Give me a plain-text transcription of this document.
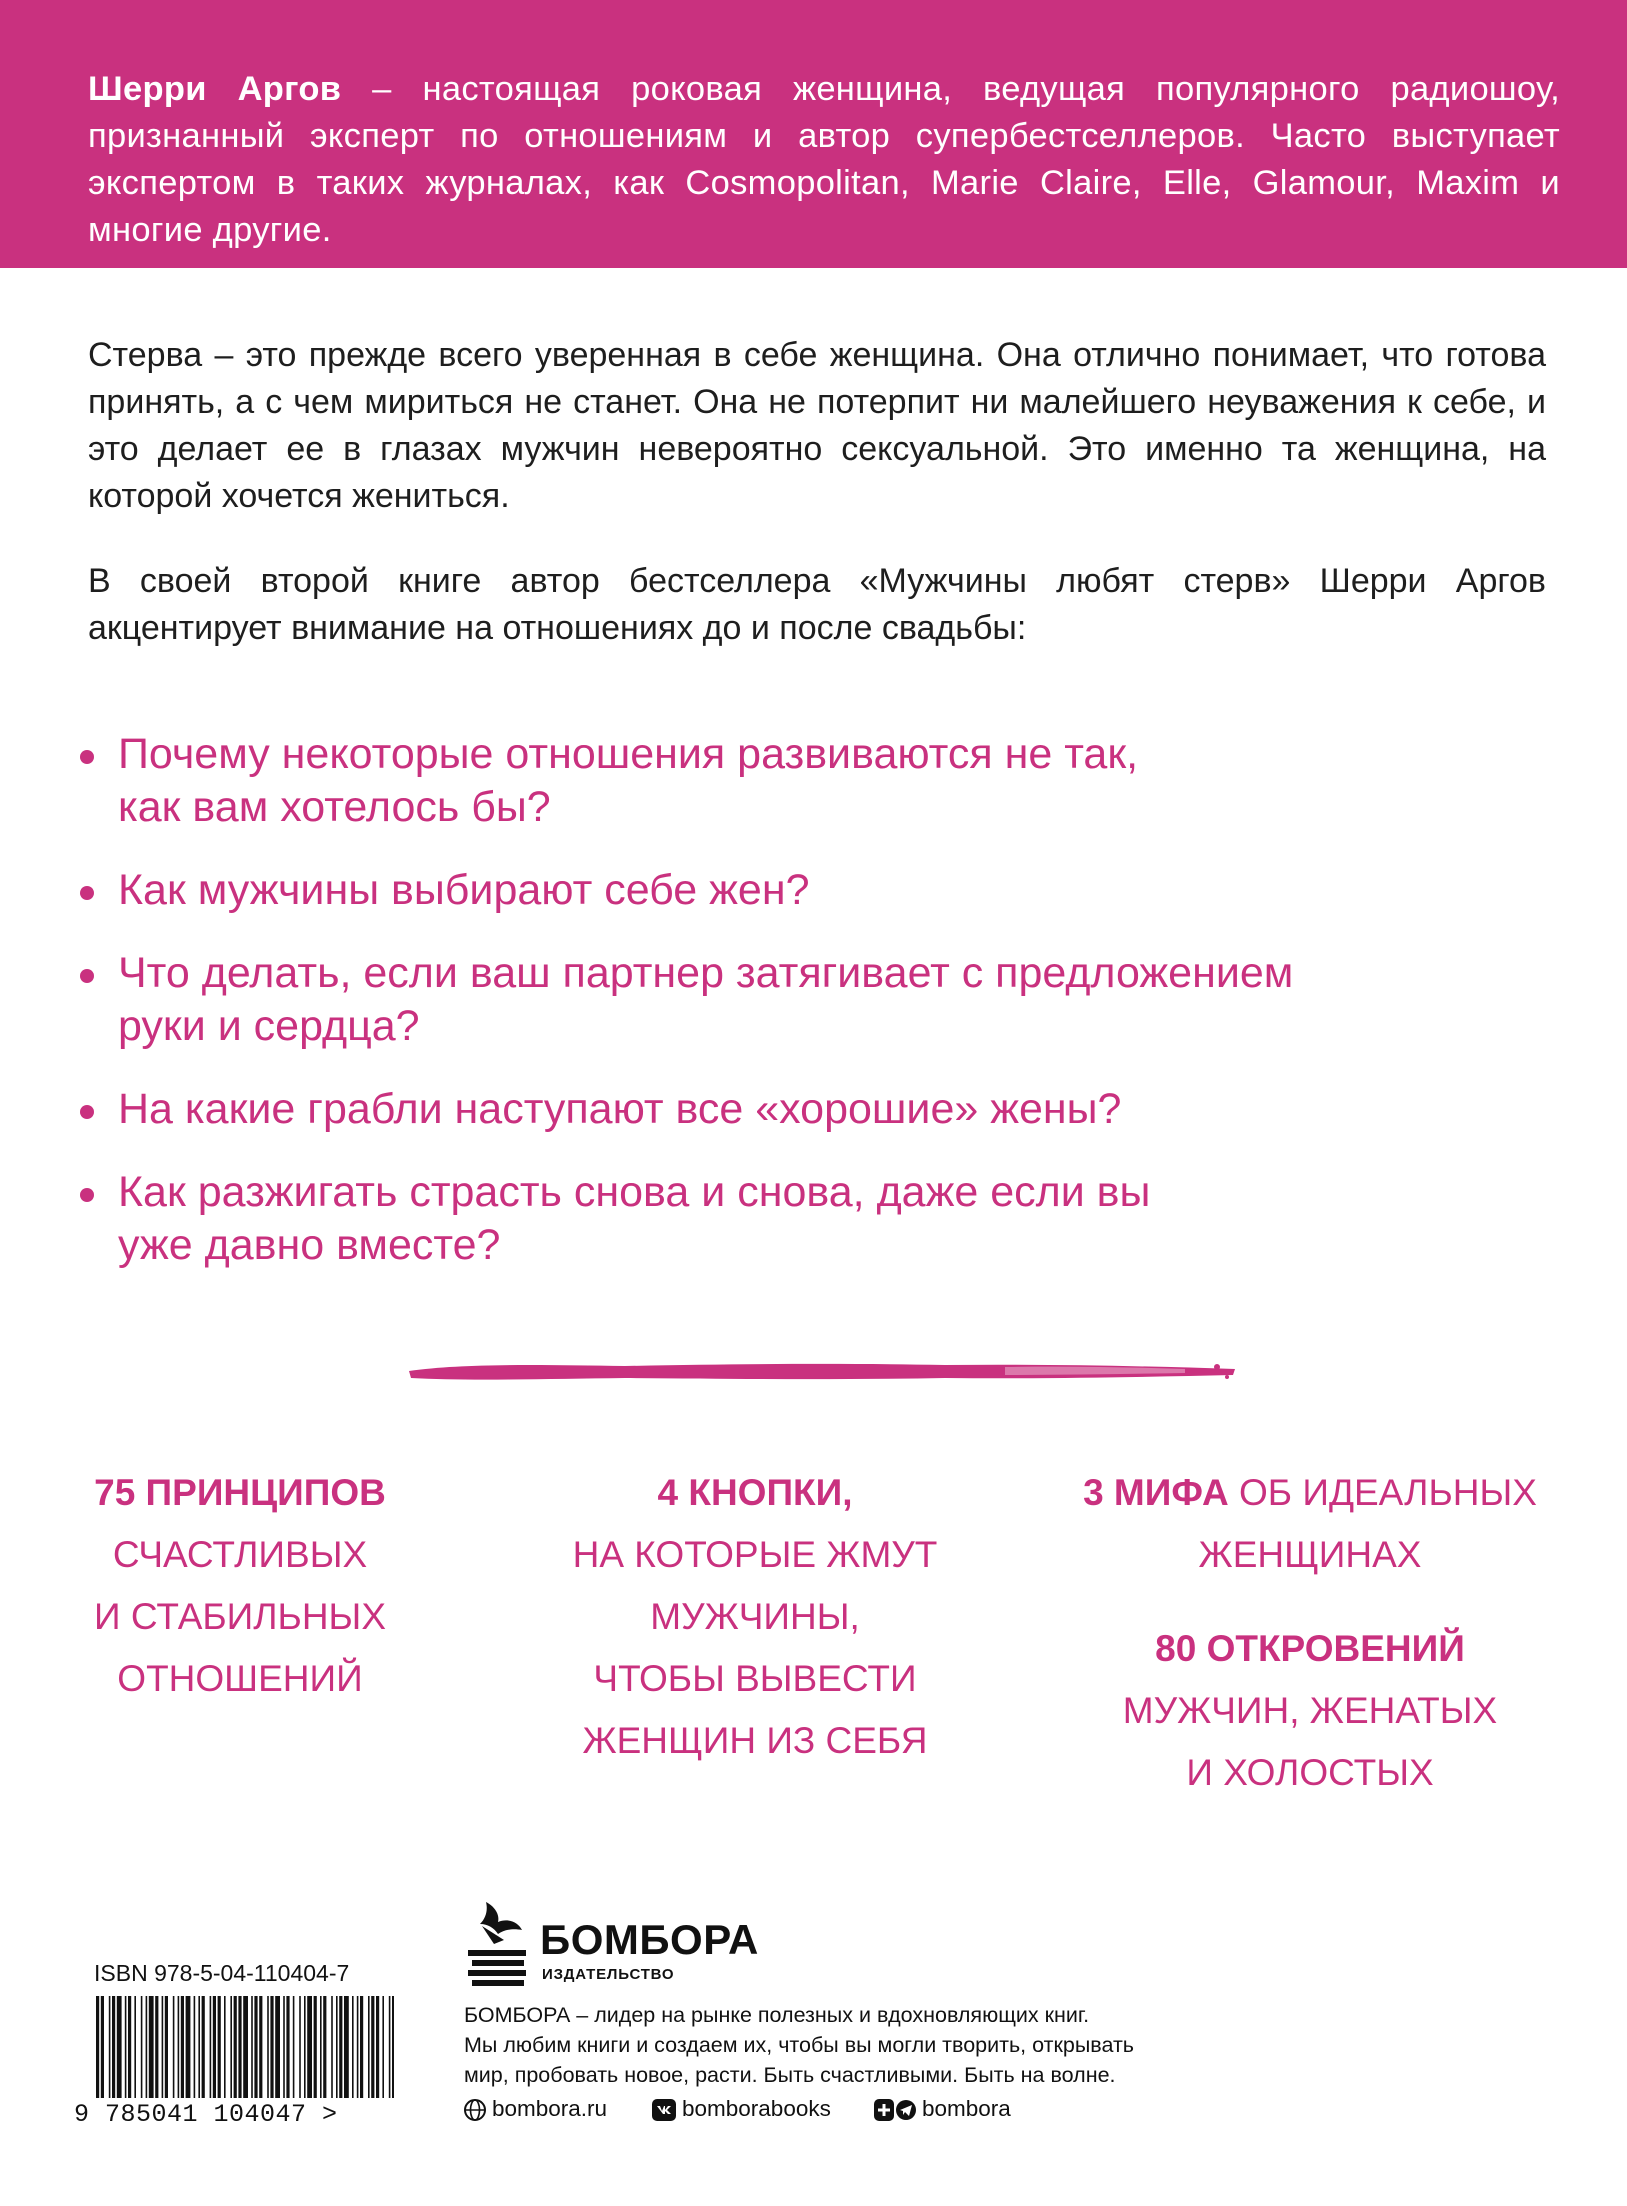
Шерри Аргов – настоящая роковая женщина, ведущая популярного радиошоу, признанный эксперт по отношениям и автор супербестселлеров. Часто выступает экспертом в таких журналах, как Cosmopolitan, Marie Claire, Elle, Glamour, Maxim и многие другие.

Стерва – это прежде всего уверенная в себе женщина. Она отлично понимает, что готова принять, а с чем мириться не станет. Она не потерпит ни малейшего неуважения к себе, и это делает ее в глазах мужчин невероятно сексуальной. Это именно та женщина, на которой хочется жениться.

В своей второй книге автор бестселлера «Мужчины любят стерв» Шерри Аргов акцентирует внимание на отношениях до и после свадьбы:

Почему некоторые отношения развиваются не так,
как вам хотелось бы?
Как мужчины выбирают себе жен?
Что делать, если ваш партнер затягивает с предложением
руки и сердца?
На какие грабли наступают все «хорошие» жены?
Как разжигать страсть снова и снова, даже если вы
уже давно вместе?
75 ПРИНЦИПОВ
СЧАСТЛИВЫХ
И СТАБИЛЬНЫХ
ОТНОШЕНИЙ
4 КНОПКИ,
НА КОТОРЫЕ ЖМУТ
МУЖЧИНЫ,
ЧТОБЫ ВЫВЕСТИ
ЖЕНЩИН ИЗ СЕБЯ
3 МИФА ОБ ИДЕАЛЬНЫХ
ЖЕНЩИНАХ
80 ОТКРОВЕНИЙ
МУЖЧИН, ЖЕНАТЫХ
И ХОЛОСТЫХ
ISBN 978-5-04-110404-7
9 785041 104047 >
БОМБОРА
ИЗДАТЕЛЬСТВО

БОМБОРА – лидер на рынке полезных и вдохновляющих книг.
Мы любим книги и создаем их, чтобы вы могли творить, открывать
мир, пробовать новое, расти. Быть счастливыми. Быть на волне.

bombora.ru	bomborabooks	bombora
